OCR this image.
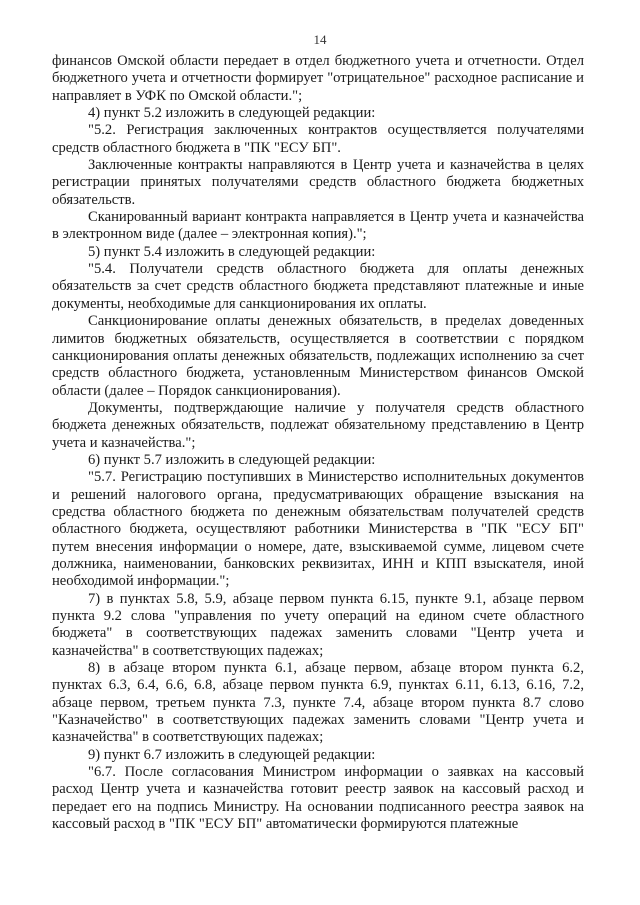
14

финансов Омской области передает в отдел бюджетного учета и отчетности. Отдел бюджетного учета и отчетности формирует "отрицательное" расходное расписание и направляет в УФК по Омской области.";

4) пункт 5.2 изложить в следующей редакции:

"5.2. Регистрация заключенных контрактов осуществляется получателями средств областного бюджета в "ПК "ЕСУ БП".

Заключенные контракты направляются в Центр учета и казначейства в целях регистрации принятых получателями средств областного бюджета бюджетных обязательств.

Сканированный вариант контракта направляется в Центр учета и казначейства в электронном виде (далее – электронная копия).";

5) пункт 5.4 изложить в следующей редакции:

"5.4. Получатели средств областного бюджета для оплаты денежных обязательств за счет средств областного бюджета представляют платежные и иные документы, необходимые для санкционирования их оплаты.

Санкционирование оплаты денежных обязательств, в пределах доведенных лимитов бюджетных обязательств, осуществляется в соответствии с порядком санкционирования оплаты денежных обязательств, подлежащих исполнению за счет средств областного бюджета, установленным Министерством финансов Омской области (далее – Порядок санкционирования).

Документы, подтверждающие наличие у получателя средств областного бюджета денежных обязательств, подлежат обязательному представлению в Центр учета и казначейства.";

6) пункт 5.7 изложить в следующей редакции:

"5.7. Регистрацию поступивших в Министерство исполнительных документов и решений налогового органа, предусматривающих обращение взыскания на средства областного бюджета по денежным обязательствам получателей средств областного бюджета, осуществляют работники Министерства в "ПК "ЕСУ БП" путем внесения информации о номере, дате, взыскиваемой сумме, лицевом счете должника, наименовании, банковских реквизитах, ИНН и КПП взыскателя, иной необходимой информации.";

7) в пунктах 5.8, 5.9, абзаце первом пункта 6.15, пункте 9.1, абзаце первом пункта 9.2 слова "управления по учету операций на едином счете областного бюджета" в соответствующих падежах заменить словами "Центр учета и казначейства" в соответствующих падежах;

8) в абзаце втором пункта 6.1, абзаце первом, абзаце втором пункта 6.2, пунктах 6.3, 6.4, 6.6, 6.8, абзаце первом пункта 6.9, пунктах 6.11, 6.13, 6.16, 7.2, абзаце первом, третьем пункта 7.3, пункте 7.4, абзаце втором пункта 8.7 слово "Казначейство" в соответствующих падежах заменить словами "Центр учета и казначейства" в соответствующих падежах;

9) пункт 6.7 изложить в следующей редакции:

"6.7. После согласования Министром информации о заявках на кассовый расход Центр учета и казначейства готовит реестр заявок на кассовый расход и передает его на подпись Министру. На основании подписанного реестра заявок на кассовый расход в "ПК "ЕСУ БП" автоматически формируются платежные
